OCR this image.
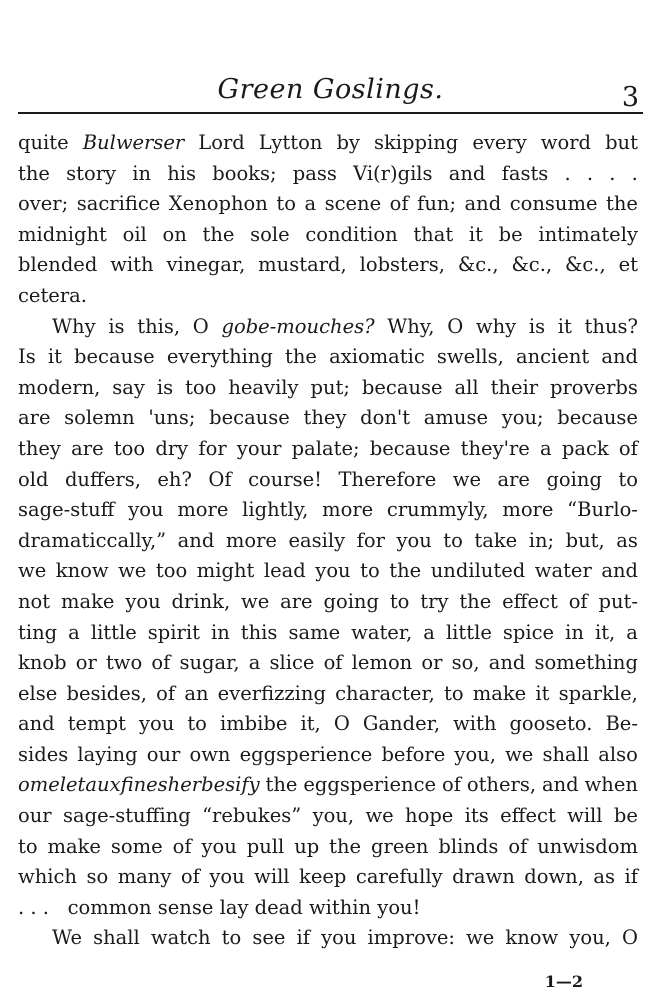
Green Goslings.	3
quite Bulwerser Lord Lytton by skipping every word but
the story in his books; pass Vi(r)gils and fasts . . . .
over; sacrifice Xenophon to a scene of fun; and consume the
midnight oil on the sole condition that it be intimately
blended with vinegar, mustard, lobsters, &c., &c., &c., et
cetera.
Why is this, O gobe-mouches? Why, O why is it thus?
Is it because everything the axiomatic swells, ancient and
modern, say is too heavily put; because all their proverbs
are solemn 'uns; because they don't amuse you; because
they are too dry for your palate; because they're a pack of
old duffers, eh? Of course! Therefore we are going to
sage-stuff you more lightly, more crummyly, more “Burlo-
dramaticcally,” and more easily for you to take in; but, as
we know we too might lead you to the undiluted water and
not make you drink, we are going to try the effect of put-
ting a little spirit in this same water, a little spice in it, a
knob or two of sugar, a slice of lemon or so, and something
else besides, of an everfizzing character, to make it sparkle,
and tempt you to imbibe it, O Gander, with gooseto. Be-
sides laying our own eggsperience before you, we shall also
omeletauxfinesherbesify the eggsperience of others, and when
our sage-stuffing “rebukes” you, we hope its effect will be
to make some of you pull up the green blinds of unwisdom
which so many of you will keep carefully drawn down, as if
. . .   common sense lay dead within you!
We shall watch to see if you improve: we know you, O
1—2
